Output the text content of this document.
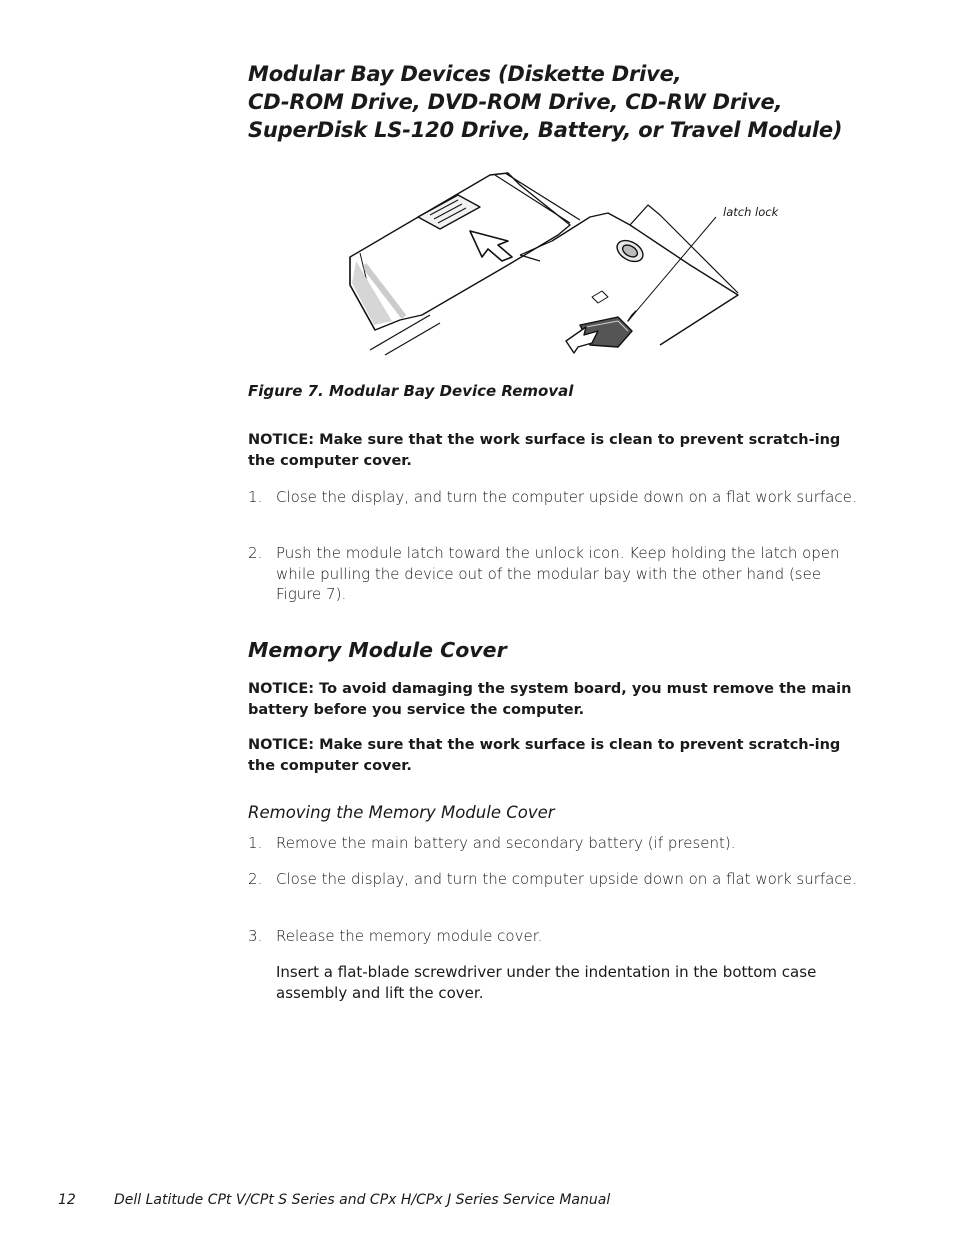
Modular Bay Devices (Diskette Drive,
CD-ROM Drive, DVD-ROM Drive, CD-RW Drive,
SuperDisk LS-120 Drive, Battery, or Travel Module)
latch lock
Figure 7. Modular Bay Device Removal
NOTICE: Make sure that the work surface is clean to prevent scratch-ing the computer cover.
1. Close the display, and turn the computer upside down on a flat work surface.
2. Push the module latch toward the unlock icon. Keep holding the latch open while pulling the device out of the modular bay with the other hand (see Figure 7).
Memory Module Cover
NOTICE: To avoid damaging the system board, you must remove the main battery before you service the computer.
NOTICE: Make sure that the work surface is clean to prevent scratch-ing the computer cover.
Removing the Memory Module Cover
1. Remove the main battery and secondary battery (if present).
2. Close the display, and turn the computer upside down on a flat work surface.
3. Release the memory module cover.
Insert a flat-blade screwdriver under the indentation in the bottom case assembly and lift the cover.
12	Dell Latitude CPt V/CPt S Series and CPx H/CPx J Series Service Manual
